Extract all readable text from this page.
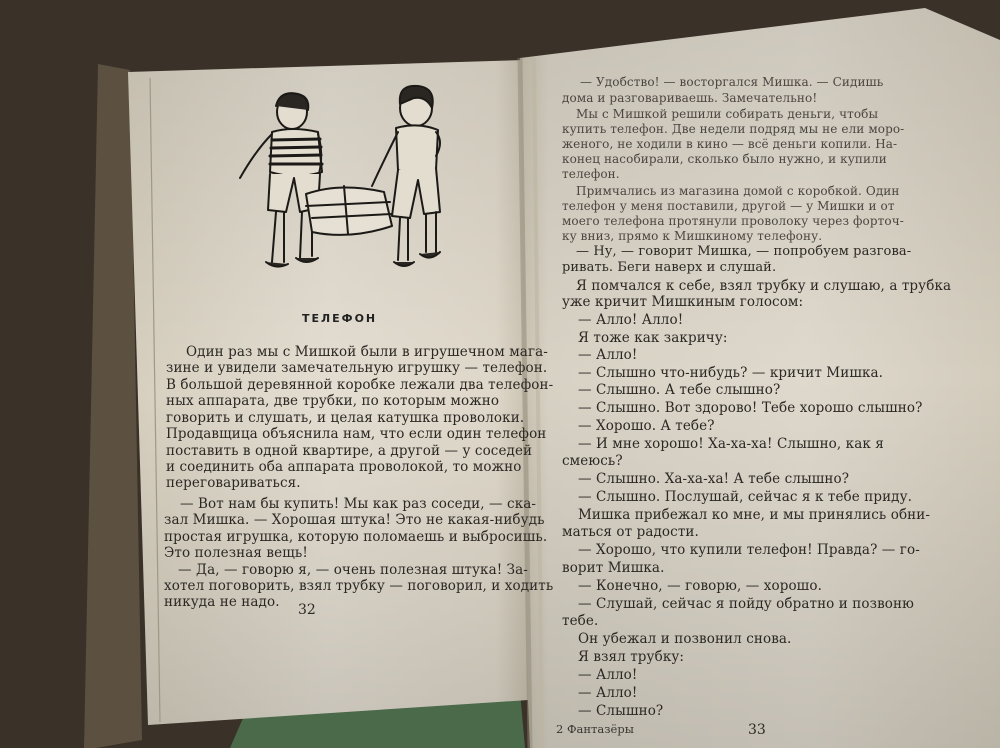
ТЕЛЕФОН
Один раз мы с Мишкой были в игрушечном мага-
зине и увидели замечательную игрушку — телефон.
В большой деревянной коробке лежали два телефон-
ных аппарата, две трубки, по которым можно
говорить и слушать, и целая катушка проволоки.
Продавщица объяснила нам, что если один телефон
поставить в одной квартире, а другой — у соседей
и соединить оба аппарата проволокой, то можно
переговариваться.
— Вот нам бы купить! Мы как раз соседи, — ска-
зал Мишка. — Хорошая штука! Это не какая-нибудь
простая игрушка, которую поломаешь и выбросишь.
Это полезная вещь!
— Да, — говорю я, — очень полезная штука! За-
хотел поговорить, взял трубку — поговорил, и ходить
никуда не надо. 32
— Удобство! — восторгался Мишка. — Сидишь
дома и разговариваешь. Замечательно!
Мы с Мишкой решили собирать деньги, чтобы
купить телефон. Две недели подряд мы не ели моро-
женого, не ходили в кино — всё деньги копили. На-
конец насобирали, сколько было нужно, и купили
телефон.
Примчались из магазина домой с коробкой. Один
телефон у меня поставили, другой — у Мишки и от
моего телефона протянули проволоку через форточ-
ку вниз, прямо к Мишкиному телефону.
— Ну, — говорит Мишка, — попробуем разгова-
ривать. Беги наверх и слушай.
Я помчался к себе, взял трубку и слушаю, а трубка
уже кричит Мишкиным голосом:
— Алло! Алло!
Я тоже как закричу:
— Алло!
— Слышно что-нибудь? — кричит Мишка.
— Слышно. А тебе слышно?
— Слышно. Вот здорово! Тебе хорошо слышно?
— Хорошо. А тебе?
— И мне хорошо! Ха-ха-ха! Слышно, как я
смеюсь?
— Слышно. Ха-ха-ха! А тебе слышно?
— Слышно. Послушай, сейчас я к тебе приду.
Мишка прибежал ко мне, и мы принялись обни-
маться от радости.
— Хорошо, что купили телефон! Правда? — го-
ворит Мишка.
— Конечно, — говорю, — хорошо.
— Слушай, сейчас я пойду обратно и позвоню
тебе.
Он убежал и позвонил снова.
Я взял трубку:
— Алло!
— Алло!
— Слышно?
2 Фантазёры	33
